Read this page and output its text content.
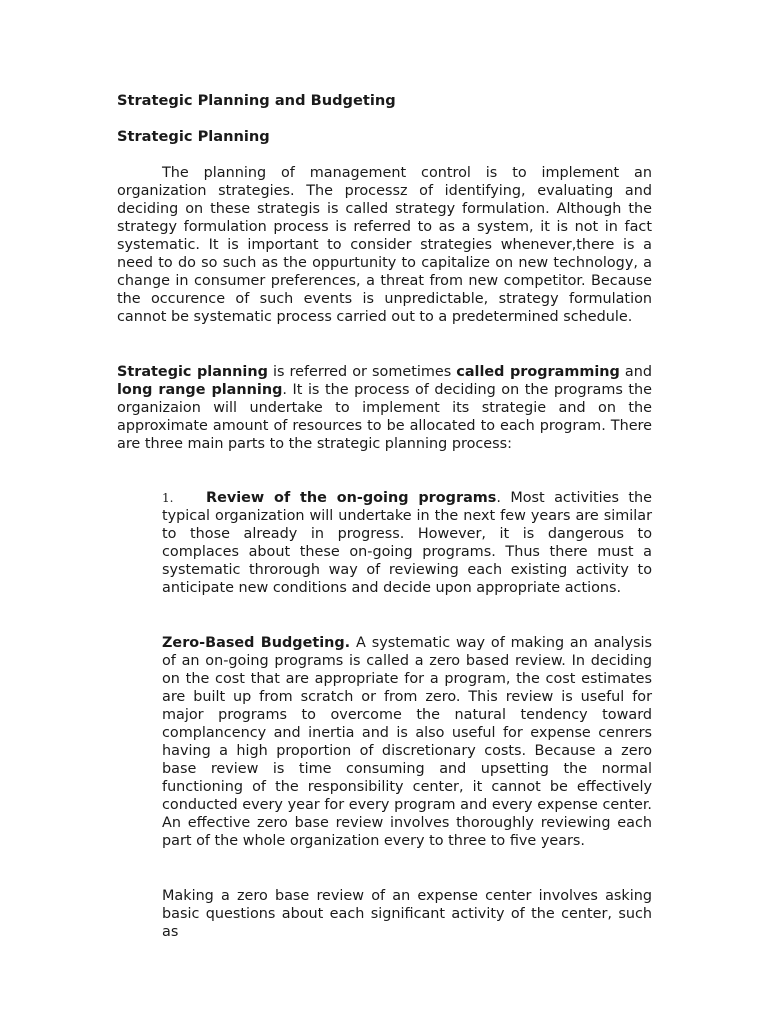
Strategic Planning and Budgeting
Strategic Planning
The planning of management control is to implement an organization strategies. The processz of identifying, evaluating and deciding on these strategis is called strategy formulation. Although the strategy formulation process is referred to as a system, it is not in fact systematic. It is important to consider strategies whenever,there is a need to do so such as the oppurtunity to capitalize on new technology, a change in consumer preferences, a threat from new competitor. Because the occurence of such events is unpredictable, strategy formulation cannot be systematic process carried out to a predetermined schedule.
Strategic planning is referred or sometimes called programming and long range planning. It is the process of deciding on the programs the organizaion will undertake to implement its strategie and on the approximate amount of resources to be allocated to each program. There are three main parts to the strategic planning process:
1. Review of the on-going programs. Most activities the typical organization will undertake in the next few years are similar to those already in progress. However, it is dangerous to complaces about these on-going programs. Thus there must a systematic throrough way of reviewing each existing activity to anticipate new conditions and decide upon appropriate actions.
Zero-Based Budgeting. A systematic way of making an analysis of an on-going programs is called a zero based review. In deciding on the cost that are appropriate for a program, the cost estimates are built up from scratch or from zero. This review is useful for major programs to overcome the natural tendency toward complancency and inertia and is also useful for expense cenrers having a high proportion of discretionary costs. Because a zero base review is time consuming and upsetting the normal functioning of the responsibility center, it cannot be effectively conducted every year for every program and every expense center. An effective zero base review involves thoroughly reviewing each part of the whole organization every to three to five years.
Making a zero base review of an expense center involves asking basic questions about each significant activity of the center, such as
